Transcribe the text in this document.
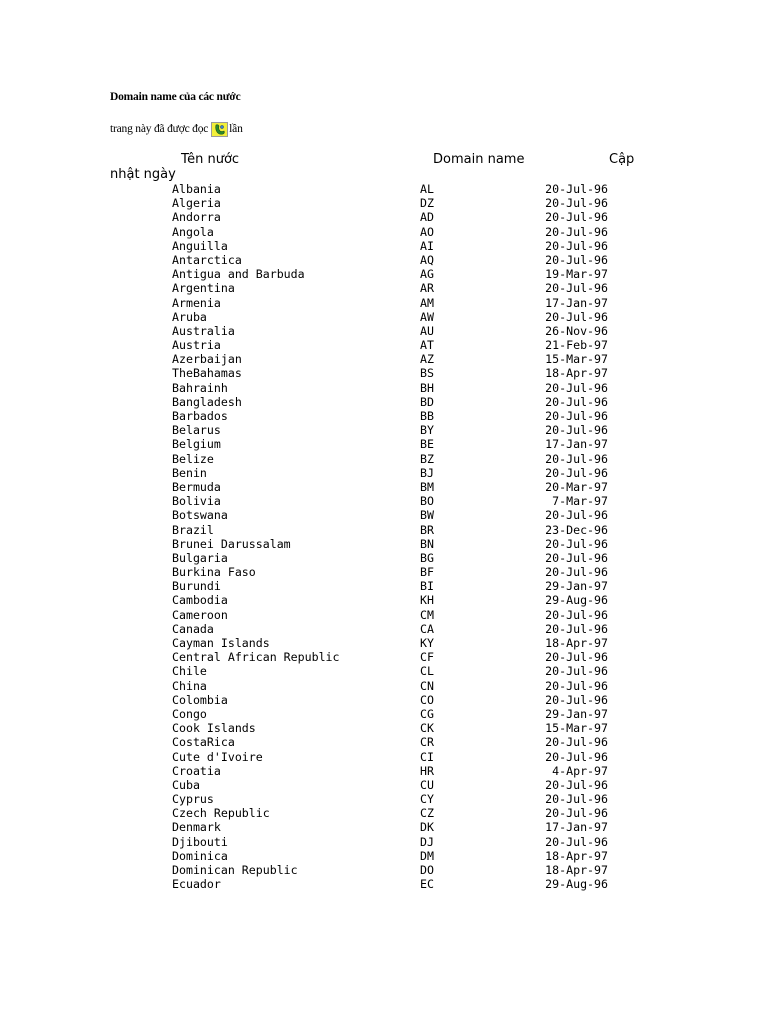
Domain name của các nước
trang này đã được đọc lần
Tên nước	Domain name	Cập
nhật ngày
Albania	AL	20-Jul-96
Algeria	DZ	20-Jul-96
Andorra	AD	20-Jul-96
Angola	AO	20-Jul-96
Anguilla	AI	20-Jul-96
Antarctica	AQ	20-Jul-96
Antigua and Barbuda	AG	19-Mar-97
Argentina	AR	20-Jul-96
Armenia	AM	17-Jan-97
Aruba	AW	20-Jul-96
Australia	AU	26-Nov-96
Austria	AT	21-Feb-97
Azerbaijan	AZ	15-Mar-97
TheBahamas	BS	18-Apr-97
Bahrainh	BH	20-Jul-96
Bangladesh	BD	20-Jul-96
Barbados	BB	20-Jul-96
Belarus	BY	20-Jul-96
Belgium	BE	17-Jan-97
Belize	BZ	20-Jul-96
Benin	BJ	20-Jul-96
Bermuda	BM	20-Mar-97
Bolivia	BO	7-Mar-97
Botswana	BW	20-Jul-96
Brazil	BR	23-Dec-96
Brunei Darussalam	BN	20-Jul-96
Bulgaria	BG	20-Jul-96
Burkina Faso	BF	20-Jul-96
Burundi	BI	29-Jan-97
Cambodia	KH	29-Aug-96
Cameroon	CM	20-Jul-96
Canada	CA	20-Jul-96
Cayman Islands	KY	18-Apr-97
Central African Republic	CF	20-Jul-96
Chile	CL	20-Jul-96
China	CN	20-Jul-96
Colombia	CO	20-Jul-96
Congo	CG	29-Jan-97
Cook Islands	CK	15-Mar-97
CostaRica	CR	20-Jul-96
Cute d'Ivoire	CI	20-Jul-96
Croatia	HR	4-Apr-97
Cuba	CU	20-Jul-96
Cyprus	CY	20-Jul-96
Czech Republic	CZ	20-Jul-96
Denmark	DK	17-Jan-97
Djibouti	DJ	20-Jul-96
Dominica	DM	18-Apr-97
Dominican Republic	DO	18-Apr-97
Ecuador	EC	29-Aug-96
